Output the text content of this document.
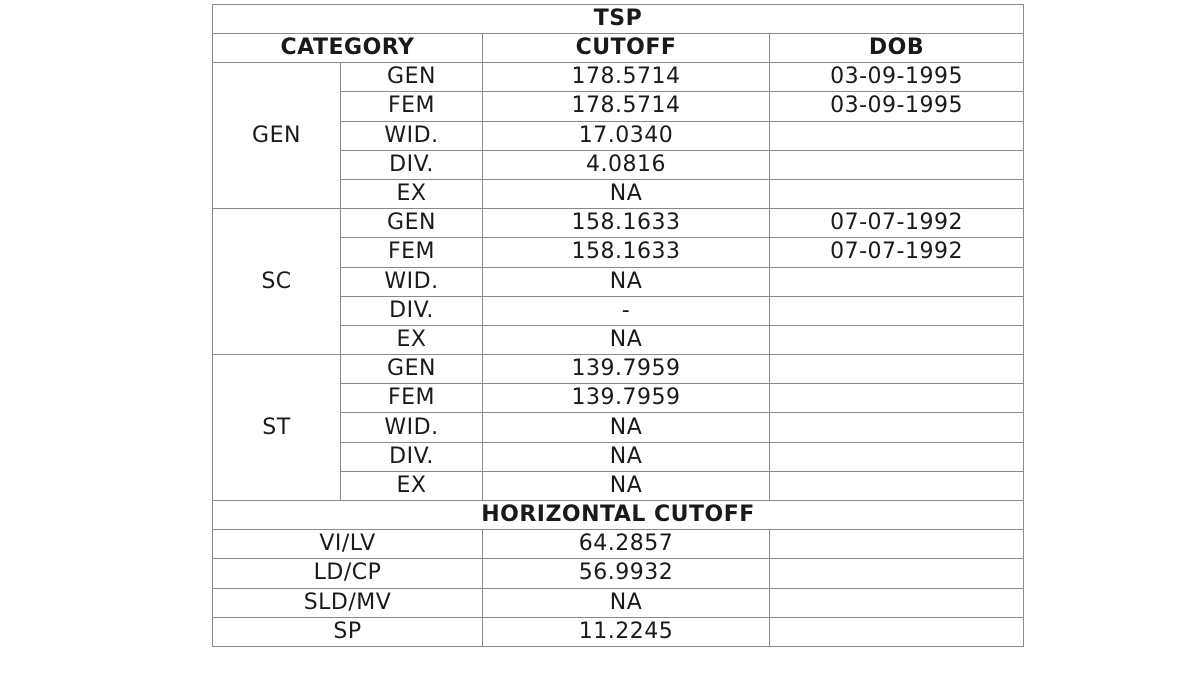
TSP			
CATEGORY		CUTOFF	DOB
GEN	GEN	178.5714	03-09-1995
	FEM	178.5714	03-09-1995
	WID.	17.0340	
	DIV.	4.0816	
	EX	NA	
SC	GEN	158.1633	07-07-1992
	FEM	158.1633	07-07-1992
	WID.	NA	
	DIV.	-	
	EX	NA	
ST	GEN	139.7959	
	FEM	139.7959	
	WID.	NA	
	DIV.	NA	
	EX	NA	
HORIZONTAL CUTOFF			
VI/LV		64.2857	
LD/CP		56.9932	
SLD/MV		NA	
SP		11.2245	
